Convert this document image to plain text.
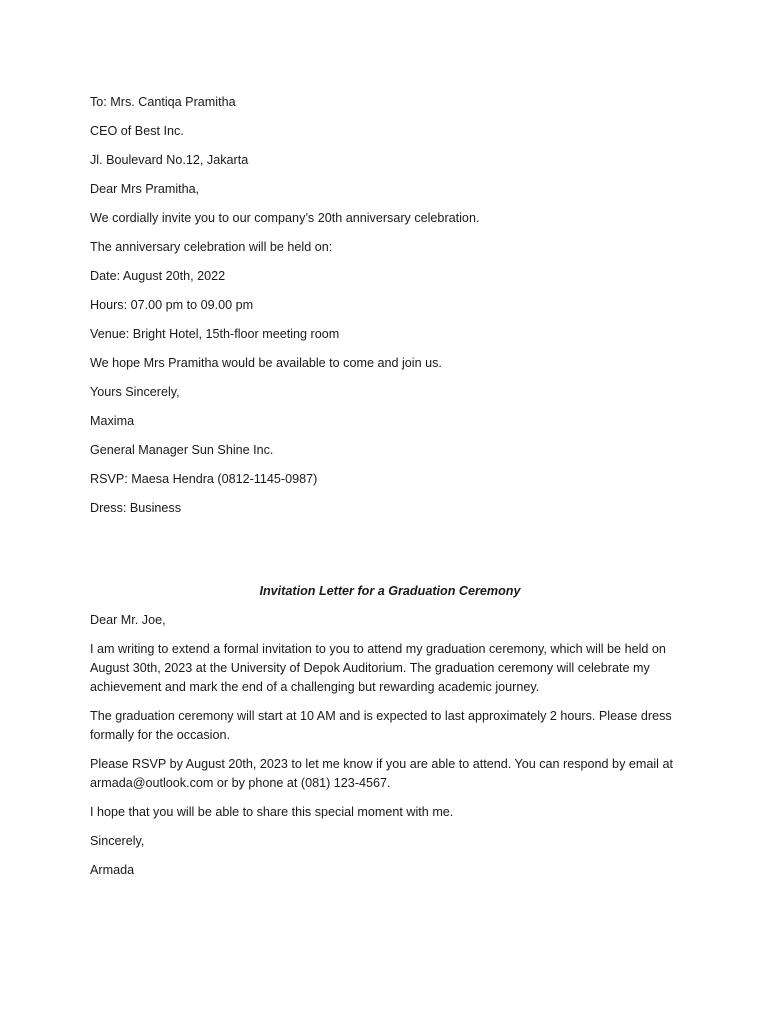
To: Mrs. Cantiqa Pramitha

CEO of Best Inc.

Jl. Boulevard No.12, Jakarta

Dear Mrs Pramitha,

We cordially invite you to our company’s 20th anniversary celebration.

The anniversary celebration will be held on:

Date: August 20th, 2022

Hours: 07.00 pm to 09.00 pm

Venue: Bright Hotel, 15th-floor meeting room

We hope Mrs Pramitha would be available to come and join us.

Yours Sincerely,

Maxima

General Manager Sun Shine Inc.

RSVP: Maesa Hendra (0812-1145-0987)

Dress: Business

Invitation Letter for a Graduation Ceremony

Dear Mr. Joe,

I am writing to extend a formal invitation to you to attend my graduation ceremony, which will be held on August 30th, 2023 at the University of Depok Auditorium. The graduation ceremony will celebrate my achievement and mark the end of a challenging but rewarding academic journey.

The graduation ceremony will start at 10 AM and is expected to last approximately 2 hours. Please dress formally for the occasion.

Please RSVP by August 20th, 2023 to let me know if you are able to attend. You can respond by email at armada@outlook.com or by phone at (081) 123-4567.

I hope that you will be able to share this special moment with me.

Sincerely,

Armada
